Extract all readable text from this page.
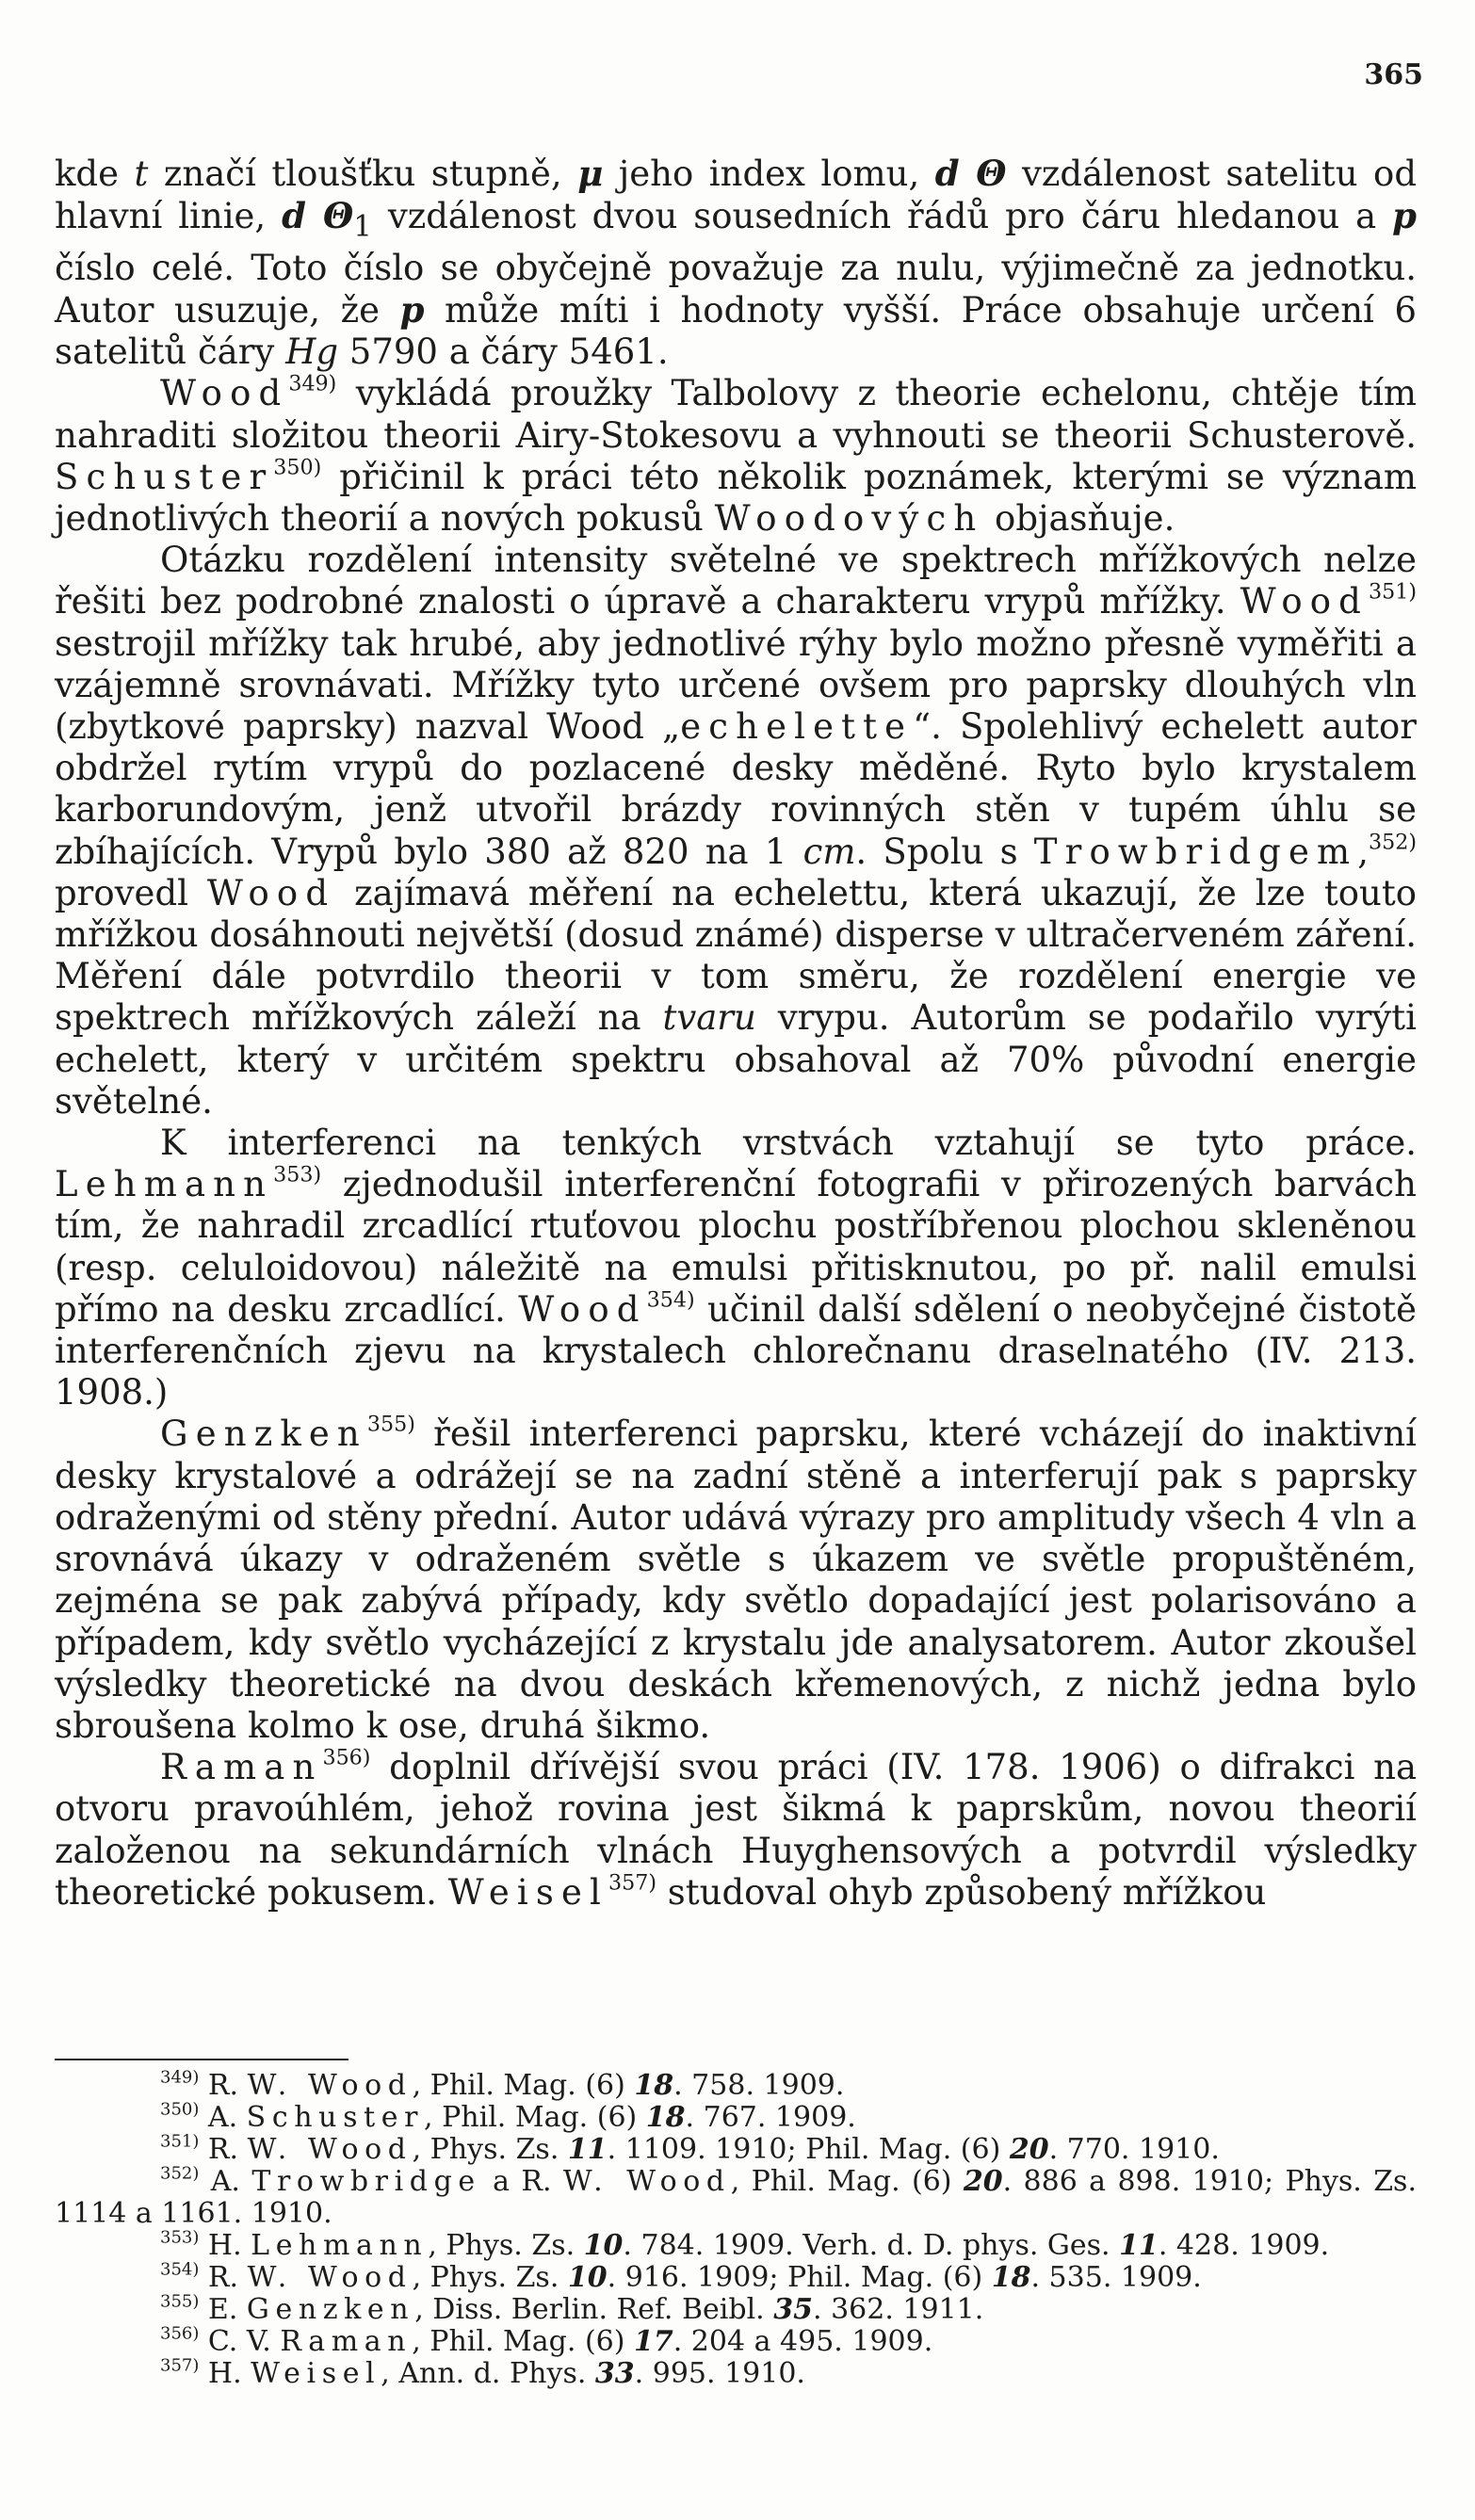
365

kde t značí tloušťku stupně, μ jeho index lomu, d Θ vzdálenost satelitu od hlavní linie, d $\Theta_1$ vzdálenost dvou sousedních řádů pro čáru hledanou a p číslo celé. Toto číslo se obyčejně považuje za nulu, výjimečně za jednotku. Autor usuzuje, že p může míti i hodnoty vyšší. Práce obsahuje určení 6 satelitů čáry Hg 5790 a čáry 5461.

Wood$^{349)}$ vykládá proužky Talbolovy z theorie echelonu, chtěje tím nahraditi složitou theorii Airy-Stokesovu a vyhnouti se theorii Schusterově. Schuster$^{350)}$ přičinil k práci této několik poznámek, kterými se význam jednotlivých theorií a nových pokusů Woodových objasňuje.

Otázku rozdělení intensity světelné ve spektrech mřížkových nelze řešiti bez podrobné znalosti o úpravě a charakteru vrypů mřížky. Wood$^{351)}$ sestrojil mřížky tak hrubé, aby jednotlivé rýhy bylo možno přesně vyměřiti a vzájemně srovnávati. Mřížky tyto určené ovšem pro paprsky dlouhých vln (zbytkové paprsky) nazval Wood „echelette“. Spolehlivý echelett autor obdržel rytím vrypů do pozlacené desky měděné. Ryto bylo krystalem karborundovým, jenž utvořil brázdy rovinných stěn v tupém úhlu se zbíhajících. Vrypů bylo 380 až 820 na 1 cm. Spolu s Trowbridgem,$^{352)}$ provedl Wood zajímavá měření na echelettu, která ukazují, že lze touto mřížkou dosáhnouti největší (dosud známé) disperse v ultračerveném záření. Měření dále potvrdilo theorii v tom směru, že rozdělení energie ve spektrech mřížkových záleží na tvaru vrypu. Autorům se podařilo vyrýti echelett, který v určitém spektru obsahoval až 70% původní energie světelné.

K interferenci na tenkých vrstvách vztahují se tyto práce. Lehmann$^{353)}$ zjednodušil interferenční fotografii v přirozených barvách tím, že nahradil zrcadlící rtuťovou plochu postříbřenou plochou skleněnou (resp. celuloidovou) náležitě na emulsi přitisknutou, po př. nalil emulsi přímo na desku zrcadlící. Wood$^{354)}$ učinil další sdělení o neobyčejné čistotě interferenčních zjevu na krystalech chlorečnanu draselnatého (IV. 213. 1908.)

Genzken$^{355)}$ řešil interferenci paprsku, které vcházejí do inaktivní desky krystalové a odrážejí se na zadní stěně a interferují pak s paprsky odraženými od stěny přední. Autor udává výrazy pro amplitudy všech 4 vln a srovnává úkazy v odraženém světle s úkazem ve světle propuštěném, zejména se pak zabývá případy, kdy světlo dopadající jest polarisováno a případem, kdy světlo vycházející z krystalu jde analysatorem. Autor zkoušel výsledky theoretické na dvou deskách křemenových, z nichž jedna bylo sbroušena kolmo k ose, druhá šikmo.

Raman$^{356)}$ doplnil dřívější svou práci (IV. 178. 1906) o difrakci na otvoru pravoúhlém, jehož rovina jest šikmá k paprskům, novou theorií založenou na sekundárních vlnách Huyghensových a potvrdil výsledky theoretické pokusem. Weisel$^{357)}$ studoval ohyb způsobený mřížkou

$^{349)}$ R. W. Wood, Phil. Mag. (6) 18. 758. 1909.
$^{350)}$ A. Schuster, Phil. Mag. (6) 18. 767. 1909.
$^{351)}$ R. W. Wood, Phys. Zs. 11. 1109. 1910; Phil. Mag. (6) 20. 770. 1910.
$^{352)}$ A. Trowbridge a R. W. Wood, Phil. Mag. (6) 20. 886 a 898. 1910; Phys. Zs. 1114 a 1161. 1910.
$^{353)}$ H. Lehmann, Phys. Zs. 10. 784. 1909. Verh. d. D. phys. Ges. 11. 428. 1909.
$^{354)}$ R. W. Wood, Phys. Zs. 10. 916. 1909; Phil. Mag. (6) 18. 535. 1909.
$^{355)}$ E. Genzken, Diss. Berlin. Ref. Beibl. 35. 362. 1911.
$^{356)}$ C. V. Raman, Phil. Mag. (6) 17. 204 a 495. 1909.
$^{357)}$ H. Weisel, Ann. d. Phys. 33. 995. 1910.
